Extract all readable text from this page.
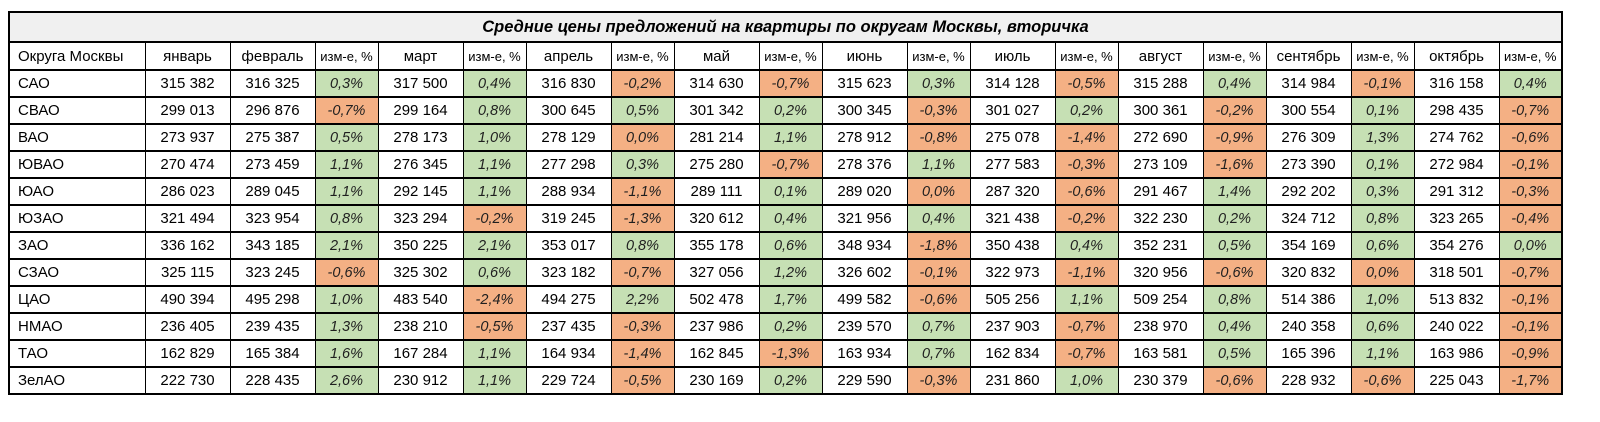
Средние цены предложений на квартиры по округам Москвы, вторичка																			
Округа Москвы	январь	февраль	изм-е, %	март	изм-е, %	апрель	изм-е, %	май	изм-е, %	июнь	изм-е, %	июль	изм-е, %	август	изм-е, %	сентябрь	изм-е, %	октябрь	изм-е, %
САО	315 382	316 325	0,3%	317 500	0,4%	316 830	-0,2%	314 630	-0,7%	315 623	0,3%	314 128	-0,5%	315 288	0,4%	314 984	-0,1%	316 158	0,4%
СВАО	299 013	296 876	-0,7%	299 164	0,8%	300 645	0,5%	301 342	0,2%	300 345	-0,3%	301 027	0,2%	300 361	-0,2%	300 554	0,1%	298 435	-0,7%
ВАО	273 937	275 387	0,5%	278 173	1,0%	278 129	0,0%	281 214	1,1%	278 912	-0,8%	275 078	-1,4%	272 690	-0,9%	276 309	1,3%	274 762	-0,6%
ЮВАО	270 474	273 459	1,1%	276 345	1,1%	277 298	0,3%	275 280	-0,7%	278 376	1,1%	277 583	-0,3%	273 109	-1,6%	273 390	0,1%	272 984	-0,1%
ЮАО	286 023	289 045	1,1%	292 145	1,1%	288 934	-1,1%	289 111	0,1%	289 020	0,0%	287 320	-0,6%	291 467	1,4%	292 202	0,3%	291 312	-0,3%
ЮЗАО	321 494	323 954	0,8%	323 294	-0,2%	319 245	-1,3%	320 612	0,4%	321 956	0,4%	321 438	-0,2%	322 230	0,2%	324 712	0,8%	323 265	-0,4%
ЗАО	336 162	343 185	2,1%	350 225	2,1%	353 017	0,8%	355 178	0,6%	348 934	-1,8%	350 438	0,4%	352 231	0,5%	354 169	0,6%	354 276	0,0%
СЗАО	325 115	323 245	-0,6%	325 302	0,6%	323 182	-0,7%	327 056	1,2%	326 602	-0,1%	322 973	-1,1%	320 956	-0,6%	320 832	0,0%	318 501	-0,7%
ЦАО	490 394	495 298	1,0%	483 540	-2,4%	494 275	2,2%	502 478	1,7%	499 582	-0,6%	505 256	1,1%	509 254	0,8%	514 386	1,0%	513 832	-0,1%
НМАО	236 405	239 435	1,3%	238 210	-0,5%	237 435	-0,3%	237 986	0,2%	239 570	0,7%	237 903	-0,7%	238 970	0,4%	240 358	0,6%	240 022	-0,1%
ТАО	162 829	165 384	1,6%	167 284	1,1%	164 934	-1,4%	162 845	-1,3%	163 934	0,7%	162 834	-0,7%	163 581	0,5%	165 396	1,1%	163 986	-0,9%
ЗелАО	222 730	228 435	2,6%	230 912	1,1%	229 724	-0,5%	230 169	0,2%	229 590	-0,3%	231 860	1,0%	230 379	-0,6%	228 932	-0,6%	225 043	-1,7%
